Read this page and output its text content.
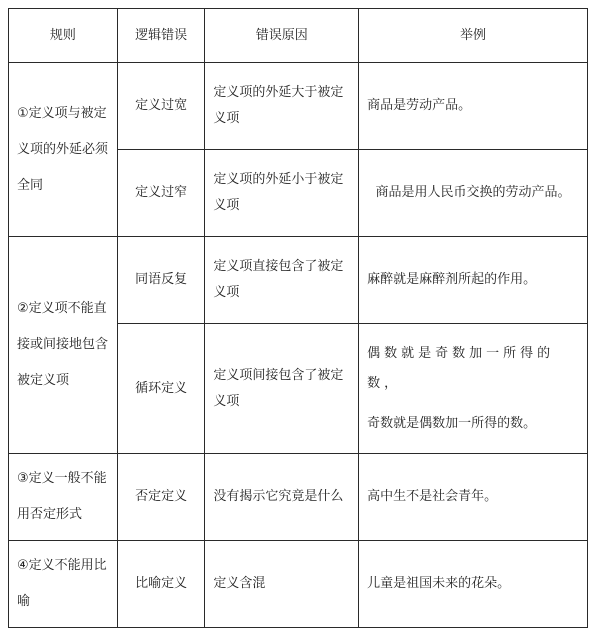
规则	逻辑错误	错误原因	举例
①定义项与被定义项的外延必须全同	定义过宽	定义项的外延大于被定义项	商品是劳动产品。

	定义过窄	定义项的外延小于被定义项	商品是用人民币交换的劳动产品。

②定义项不能直接或间接地包含被定义项	同语反复	定义项直接包含了被定义项	麻醉就是麻醉剂所起的作用。

	循环定义	定义项间接包含了被定义项	偶数就是奇数加一所得的数，
奇数就是偶数加一所得的数。

③定义一般不能用否定形式	否定定义	没有揭示它究竟是什么	高中生不是社会青年。

④定义不能用比喻	比喻定义	定义含混	儿童是祖国未来的花朵。
